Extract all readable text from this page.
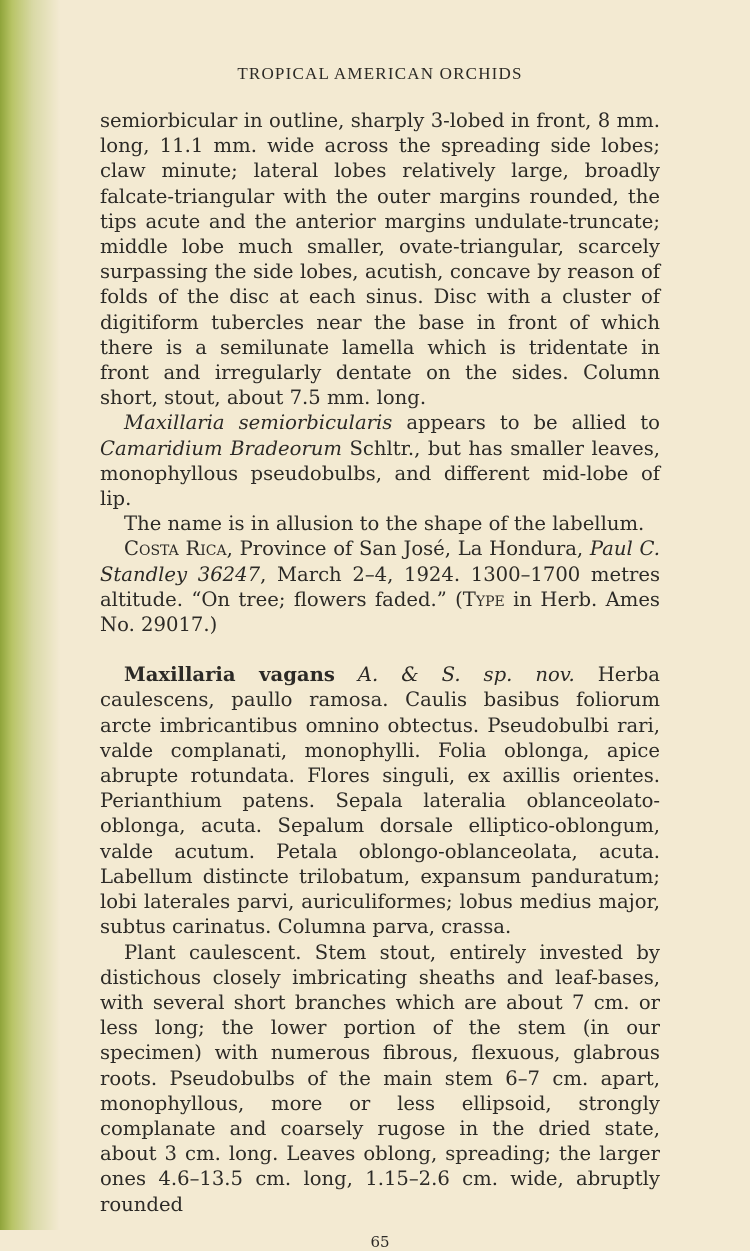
TROPICAL AMERICAN ORCHIDS

semiorbicular in outline, sharply 3-lobed in front, 8 mm. long, 11.1 mm. wide across the spreading side lobes; claw minute; lateral lobes relatively large, broadly falcate-triangular with the outer margins rounded, the tips acute and the anterior margins undulate-truncate; middle lobe much smaller, ovate-triangular, scarcely surpassing the side lobes, acutish, concave by reason of folds of the disc at each sinus. Disc with a cluster of digitiform tubercles near the base in front of which there is a semilunate lamella which is tridentate in front and irregularly dentate on the sides. Column short, stout, about 7.5 mm. long.

Maxillaria semiorbicularis appears to be allied to Camaridium Bradeorum Schltr., but has smaller leaves, monophyllous pseudobulbs, and different mid-lobe of lip.

The name is in allusion to the shape of the labellum.

Costa Rica, Province of San José, La Hondura, Paul C. Standley 36247, March 2–4, 1924. 1300–1700 metres altitude. “On tree; flowers faded.” (Type in Herb. Ames No. 29017.)

Maxillaria vagans A. & S. sp. nov. Herba caulescens, paullo ramosa. Caulis basibus foliorum arcte imbricantibus omnino obtectus. Pseudobulbi rari, valde complanati, monophylli. Folia oblonga, apice abrupte rotundata. Flores singuli, ex axillis orientes. Perianthium patens. Sepala lateralia oblanceolato-oblonga, acuta. Sepalum dorsale elliptico-oblongum, valde acutum. Petala oblongo-oblanceolata, acuta. Labellum distincte trilobatum, expansum panduratum; lobi laterales parvi, auriculiformes; lobus medius major, subtus carinatus. Columna parva, crassa.

Plant caulescent. Stem stout, entirely invested by distichous closely imbricating sheaths and leaf-bases, with several short branches which are about 7 cm. or less long; the lower portion of the stem (in our specimen) with numerous fibrous, flexuous, glabrous roots. Pseudobulbs of the main stem 6–7 cm. apart, monophyllous, more or less ellipsoid, strongly complanate and coarsely rugose in the dried state, about 3 cm. long. Leaves oblong, spreading; the larger ones 4.6–13.5 cm. long, 1.15–2.6 cm. wide, abruptly rounded

65
